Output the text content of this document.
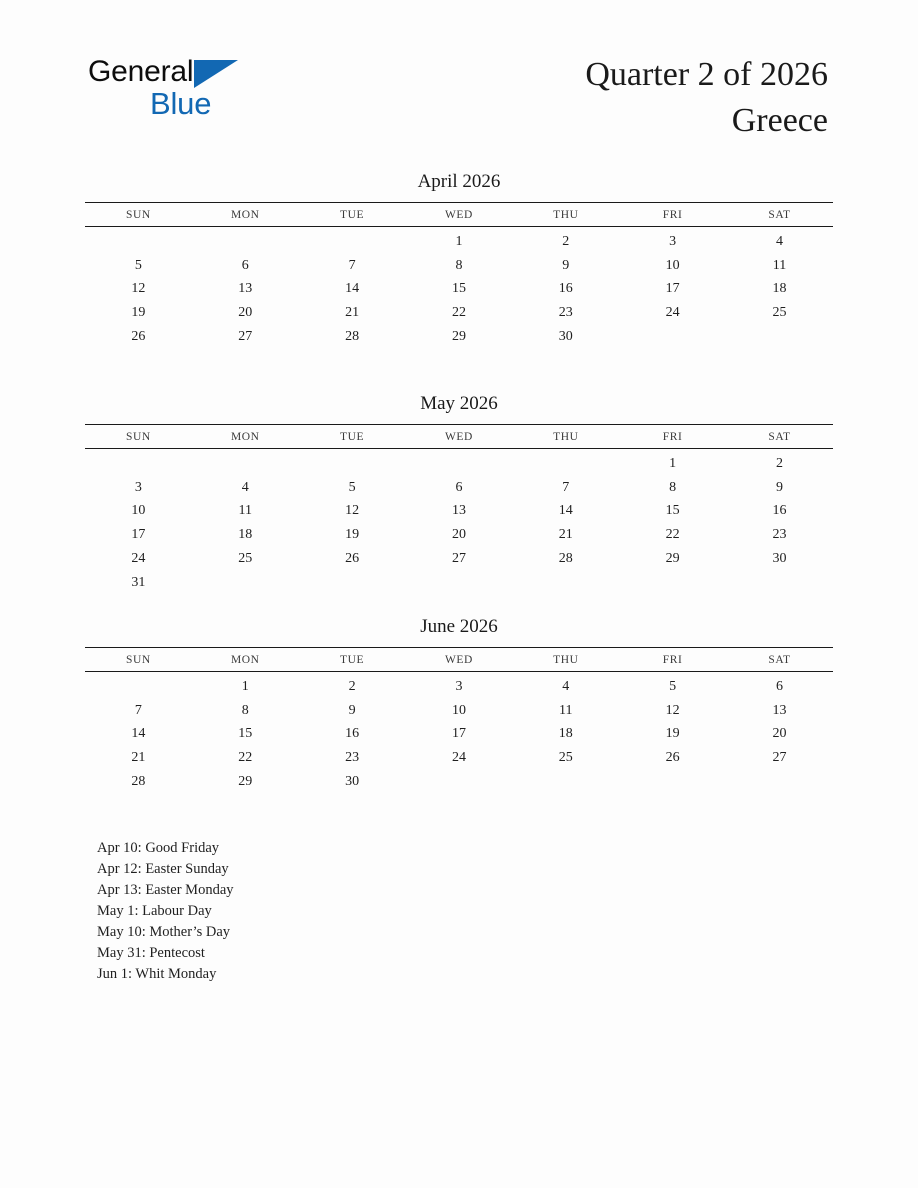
General
Blue
Quarter 2 of 2026
Greece
April 2026
SUN	MON	TUE	WED	THU	FRI	SAT
			1	2	3	4
5	6	7	8	9	10	11
12	13	14	15	16	17	18
19	20	21	22	23	24	25
26	27	28	29	30		
May 2026
SUN	MON	TUE	WED	THU	FRI	SAT
					1	2
3	4	5	6	7	8	9
10	11	12	13	14	15	16
17	18	19	20	21	22	23
24	25	26	27	28	29	30
31						
June 2026
SUN	MON	TUE	WED	THU	FRI	SAT
	1	2	3	4	5	6
7	8	9	10	11	12	13
14	15	16	17	18	19	20
21	22	23	24	25	26	27
28	29	30				
Apr 10: Good Friday
Apr 12: Easter Sunday
Apr 13: Easter Monday
May 1: Labour Day
May 10: Mother’s Day
May 31: Pentecost
Jun 1: Whit Monday
